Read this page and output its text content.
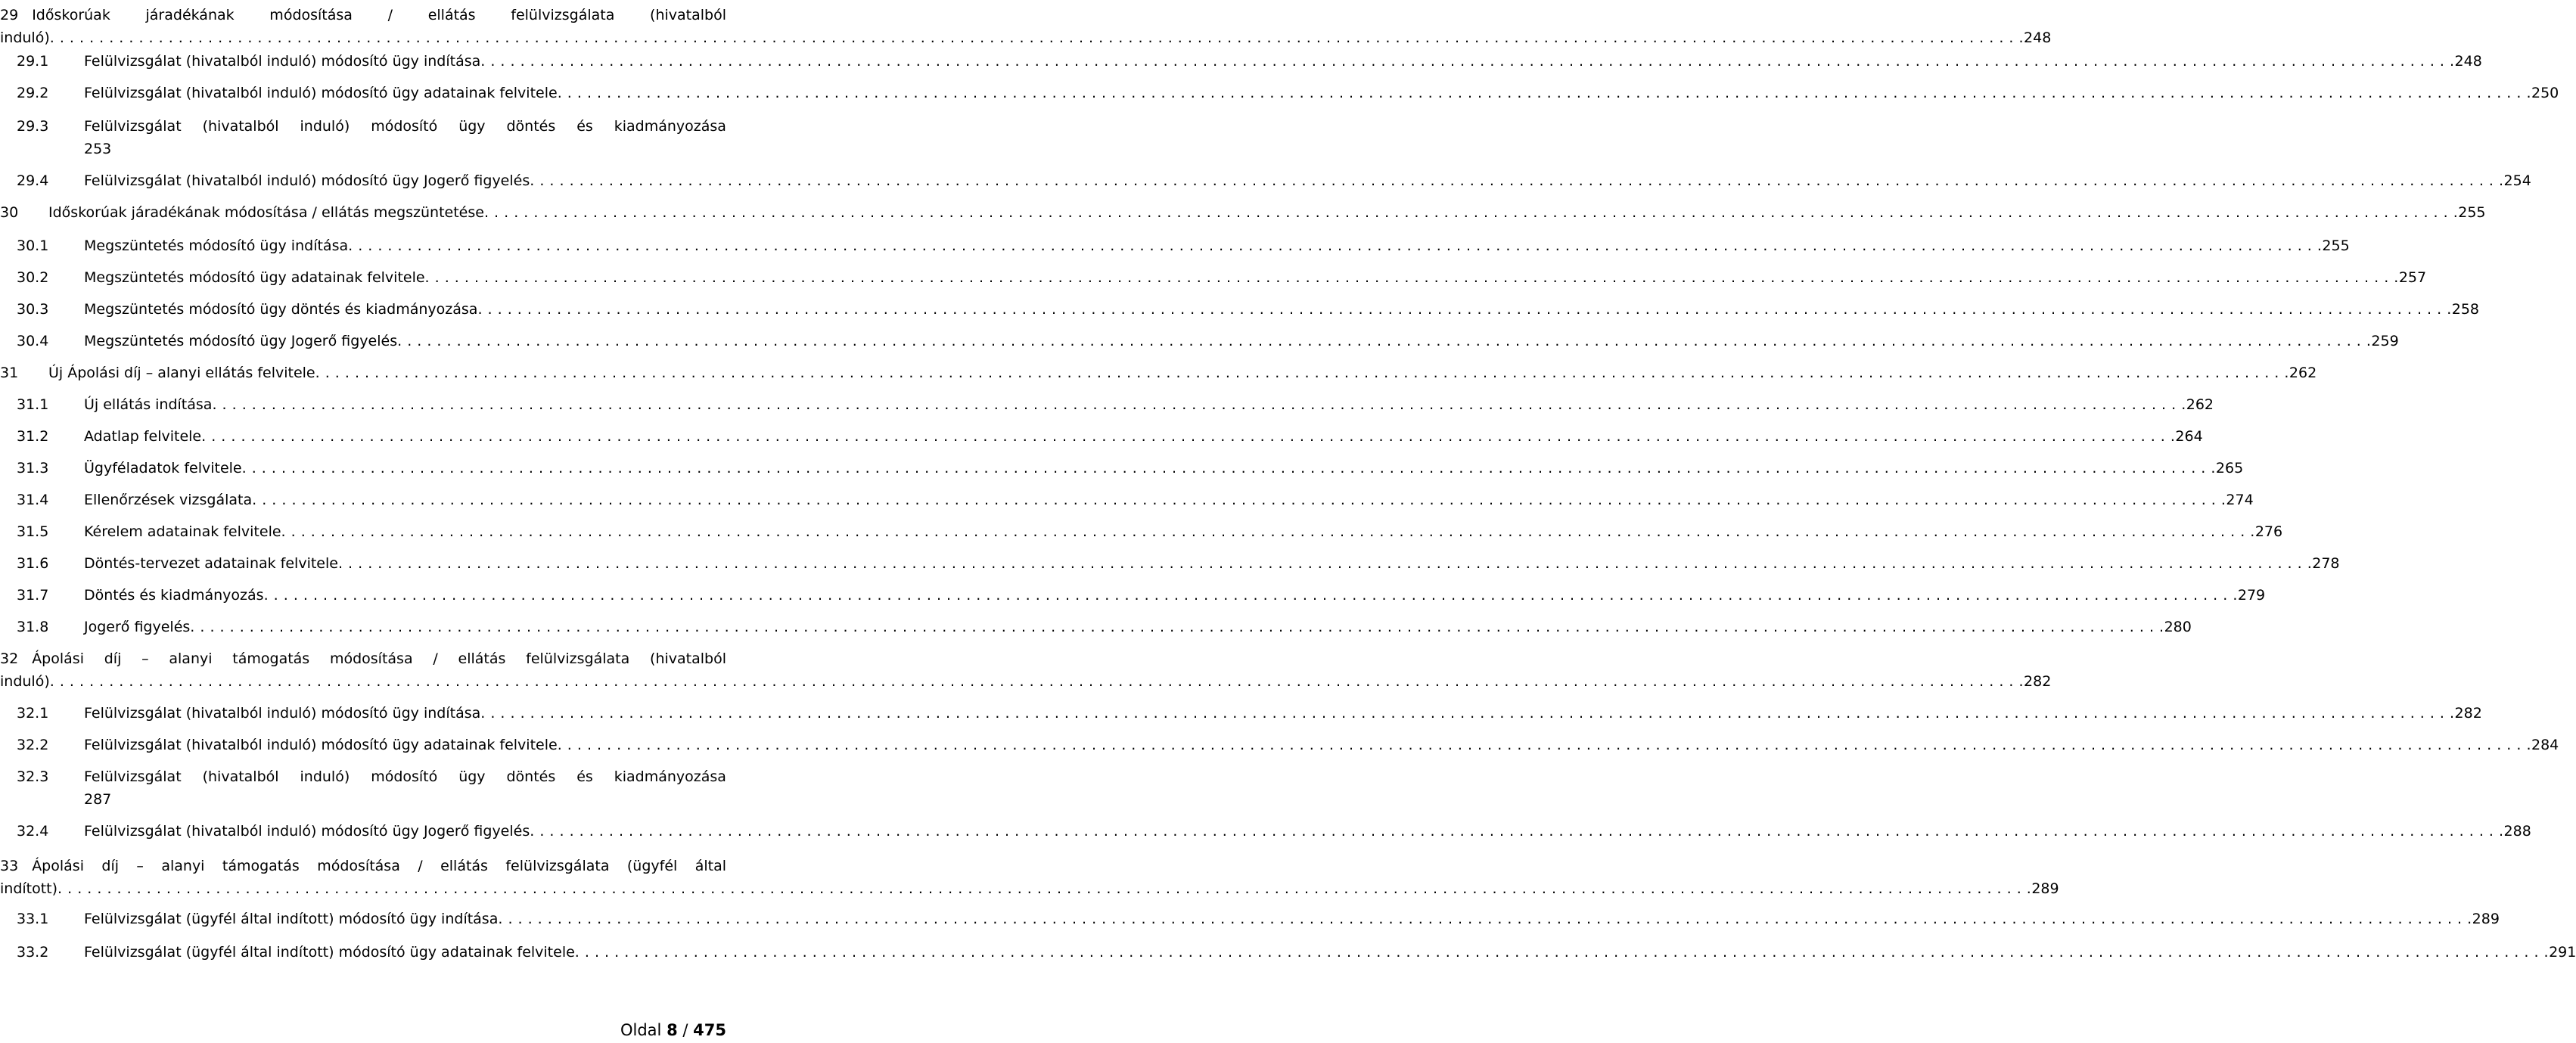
29 Időskorúak járadékának módosítása / ellátás felülvizsgálata (hivatalból
induló) . . . . . . . . . . . . . . . . . . . . . . . . . . . . . . . . . . . . . . . . . . . . . . . . . . . . . . . . . . . . . . . . . . . . . . . . . . . . . . . . . . . . . . . . . . . . . . . . . . . . . . . . . . . . . . . . . . . . . . . . . . . . . . . . . . . . . . . . . . . . . . . . . . . . . . . . . . . . . . . . . . . . . . . . . . . . . . . . . . . . . . . . . . . . . . . . . . . . . . . . 248
29.1 Felülvizsgálat (hivatalból induló) módosító ügy indítása . . . . . . . . . . . . . . . . . . . . . . . . . . . . . . . . . . . . . . . . . . . . . . . . . . . . . . . . . . . . . . . . . . . . . . . . . . . . . . . . . . . . . . . . . . . . . . . . . . . . . . . . . . . . . . . . . . . . . . . . . . . . . . . . . . . . . . . . . . . . . . . . . . . . . . . . . . . . . . . . . . . . . . . . . . . . . . . . . . . . . . . . . . . . . . . . . . . . . . . . 248
29.2 Felülvizsgálat (hivatalból induló) módosító ügy adatainak felvitele . . . . . . . . . . . . . . . . . . . . . . . . . . . . . . . . . . . . . . . . . . . . . . . . . . . . . . . . . . . . . . . . . . . . . . . . . . . . . . . . . . . . . . . . . . . . . . . . . . . . . . . . . . . . . . . . . . . . . . . . . . . . . . . . . . . . . . . . . . . . . . . . . . . . . . . . . . . . . . . . . . . . . . . . . . . . . . . . . . . . . . . . . . . . . . . . . . . . . . . . 250
29.3 Felülvizsgálat (hivatalból induló) módosító ügy döntés és kiadmányozása
253
29.4 Felülvizsgálat (hivatalból induló) módosító ügy Jogerő figyelés . . . . . . . . . . . . . . . . . . . . . . . . . . . . . . . . . . . . . . . . . . . . . . . . . . . . . . . . . . . . . . . . . . . . . . . . . . . . . . . . . . . . . . . . . . . . . . . . . . . . . . . . . . . . . . . . . . . . . . . . . . . . . . . . . . . . . . . . . . . . . . . . . . . . . . . . . . . . . . . . . . . . . . . . . . . . . . . . . . . . . . . . . . . . . . . . . . . . . . . . 254
30 Időskorúak járadékának módosítása / ellátás megszüntetése . . . . . . . . . . . . . . . . . . . . . . . . . . . . . . . . . . . . . . . . . . . . . . . . . . . . . . . . . . . . . . . . . . . . . . . . . . . . . . . . . . . . . . . . . . . . . . . . . . . . . . . . . . . . . . . . . . . . . . . . . . . . . . . . . . . . . . . . . . . . . . . . . . . . . . . . . . . . . . . . . . . . . . . . . . . . . . . . . . . . . . . . . . . . . . . . . . . . . . . . 255
30.1 Megszüntetés módosító ügy indítása . . . . . . . . . . . . . . . . . . . . . . . . . . . . . . . . . . . . . . . . . . . . . . . . . . . . . . . . . . . . . . . . . . . . . . . . . . . . . . . . . . . . . . . . . . . . . . . . . . . . . . . . . . . . . . . . . . . . . . . . . . . . . . . . . . . . . . . . . . . . . . . . . . . . . . . . . . . . . . . . . . . . . . . . . . . . . . . . . . . . . . . . . . . . . . . . . . . . . . . . 255
30.2 Megszüntetés módosító ügy adatainak felvitele . . . . . . . . . . . . . . . . . . . . . . . . . . . . . . . . . . . . . . . . . . . . . . . . . . . . . . . . . . . . . . . . . . . . . . . . . . . . . . . . . . . . . . . . . . . . . . . . . . . . . . . . . . . . . . . . . . . . . . . . . . . . . . . . . . . . . . . . . . . . . . . . . . . . . . . . . . . . . . . . . . . . . . . . . . . . . . . . . . . . . . . . . . . . . . . . . . . . . . . . 257
30.3 Megszüntetés módosító ügy döntés és kiadmányozása . . . . . . . . . . . . . . . . . . . . . . . . . . . . . . . . . . . . . . . . . . . . . . . . . . . . . . . . . . . . . . . . . . . . . . . . . . . . . . . . . . . . . . . . . . . . . . . . . . . . . . . . . . . . . . . . . . . . . . . . . . . . . . . . . . . . . . . . . . . . . . . . . . . . . . . . . . . . . . . . . . . . . . . . . . . . . . . . . . . . . . . . . . . . . . . . . . . . . . . . 258
30.4 Megszüntetés módosító ügy Jogerő figyelés . . . . . . . . . . . . . . . . . . . . . . . . . . . . . . . . . . . . . . . . . . . . . . . . . . . . . . . . . . . . . . . . . . . . . . . . . . . . . . . . . . . . . . . . . . . . . . . . . . . . . . . . . . . . . . . . . . . . . . . . . . . . . . . . . . . . . . . . . . . . . . . . . . . . . . . . . . . . . . . . . . . . . . . . . . . . . . . . . . . . . . . . . . . . . . . . . . . . . . . . 259
31 Új Ápolási díj – alanyi ellátás felvitele . . . . . . . . . . . . . . . . . . . . . . . . . . . . . . . . . . . . . . . . . . . . . . . . . . . . . . . . . . . . . . . . . . . . . . . . . . . . . . . . . . . . . . . . . . . . . . . . . . . . . . . . . . . . . . . . . . . . . . . . . . . . . . . . . . . . . . . . . . . . . . . . . . . . . . . . . . . . . . . . . . . . . . . . . . . . . . . . . . . . . . . . . . . . . . . . . . . . . . . . 262
31.1 Új ellátás indítása . . . . . . . . . . . . . . . . . . . . . . . . . . . . . . . . . . . . . . . . . . . . . . . . . . . . . . . . . . . . . . . . . . . . . . . . . . . . . . . . . . . . . . . . . . . . . . . . . . . . . . . . . . . . . . . . . . . . . . . . . . . . . . . . . . . . . . . . . . . . . . . . . . . . . . . . . . . . . . . . . . . . . . . . . . . . . . . . . . . . . . . . . . . . . . . . . . . . . . . . 262
31.2 Adatlap felvitele . . . . . . . . . . . . . . . . . . . . . . . . . . . . . . . . . . . . . . . . . . . . . . . . . . . . . . . . . . . . . . . . . . . . . . . . . . . . . . . . . . . . . . . . . . . . . . . . . . . . . . . . . . . . . . . . . . . . . . . . . . . . . . . . . . . . . . . . . . . . . . . . . . . . . . . . . . . . . . . . . . . . . . . . . . . . . . . . . . . . . . . . . . . . . . . . . . . . . . . . 264
31.3 Ügyféladatok felvitele . . . . . . . . . . . . . . . . . . . . . . . . . . . . . . . . . . . . . . . . . . . . . . . . . . . . . . . . . . . . . . . . . . . . . . . . . . . . . . . . . . . . . . . . . . . . . . . . . . . . . . . . . . . . . . . . . . . . . . . . . . . . . . . . . . . . . . . . . . . . . . . . . . . . . . . . . . . . . . . . . . . . . . . . . . . . . . . . . . . . . . . . . . . . . . . . . . . . . . . . 265
31.4 Ellenőrzések vizsgálata . . . . . . . . . . . . . . . . . . . . . . . . . . . . . . . . . . . . . . . . . . . . . . . . . . . . . . . . . . . . . . . . . . . . . . . . . . . . . . . . . . . . . . . . . . . . . . . . . . . . . . . . . . . . . . . . . . . . . . . . . . . . . . . . . . . . . . . . . . . . . . . . . . . . . . . . . . . . . . . . . . . . . . . . . . . . . . . . . . . . . . . . . . . . . . . . . . . . . . . . 274
31.5 Kérelem adatainak felvitele . . . . . . . . . . . . . . . . . . . . . . . . . . . . . . . . . . . . . . . . . . . . . . . . . . . . . . . . . . . . . . . . . . . . . . . . . . . . . . . . . . . . . . . . . . . . . . . . . . . . . . . . . . . . . . . . . . . . . . . . . . . . . . . . . . . . . . . . . . . . . . . . . . . . . . . . . . . . . . . . . . . . . . . . . . . . . . . . . . . . . . . . . . . . . . . . . . . . . . . . 276
31.6 Döntés-tervezet adatainak felvitele . . . . . . . . . . . . . . . . . . . . . . . . . . . . . . . . . . . . . . . . . . . . . . . . . . . . . . . . . . . . . . . . . . . . . . . . . . . . . . . . . . . . . . . . . . . . . . . . . . . . . . . . . . . . . . . . . . . . . . . . . . . . . . . . . . . . . . . . . . . . . . . . . . . . . . . . . . . . . . . . . . . . . . . . . . . . . . . . . . . . . . . . . . . . . . . . . . . . . . . . 278
31.7 Döntés és kiadmányozás . . . . . . . . . . . . . . . . . . . . . . . . . . . . . . . . . . . . . . . . . . . . . . . . . . . . . . . . . . . . . . . . . . . . . . . . . . . . . . . . . . . . . . . . . . . . . . . . . . . . . . . . . . . . . . . . . . . . . . . . . . . . . . . . . . . . . . . . . . . . . . . . . . . . . . . . . . . . . . . . . . . . . . . . . . . . . . . . . . . . . . . . . . . . . . . . . . . . . . . . 279
31.8 Jogerő figyelés . . . . . . . . . . . . . . . . . . . . . . . . . . . . . . . . . . . . . . . . . . . . . . . . . . . . . . . . . . . . . . . . . . . . . . . . . . . . . . . . . . . . . . . . . . . . . . . . . . . . . . . . . . . . . . . . . . . . . . . . . . . . . . . . . . . . . . . . . . . . . . . . . . . . . . . . . . . . . . . . . . . . . . . . . . . . . . . . . . . . . . . . . . . . . . . . . . . . . . . . 280
32 Ápolási díj – alanyi támogatás módosítása / ellátás felülvizsgálata (hivatalból
induló) . . . . . . . . . . . . . . . . . . . . . . . . . . . . . . . . . . . . . . . . . . . . . . . . . . . . . . . . . . . . . . . . . . . . . . . . . . . . . . . . . . . . . . . . . . . . . . . . . . . . . . . . . . . . . . . . . . . . . . . . . . . . . . . . . . . . . . . . . . . . . . . . . . . . . . . . . . . . . . . . . . . . . . . . . . . . . . . . . . . . . . . . . . . . . . . . . . . . . . . . 282
32.1 Felülvizsgálat (hivatalból induló) módosító ügy indítása . . . . . . . . . . . . . . . . . . . . . . . . . . . . . . . . . . . . . . . . . . . . . . . . . . . . . . . . . . . . . . . . . . . . . . . . . . . . . . . . . . . . . . . . . . . . . . . . . . . . . . . . . . . . . . . . . . . . . . . . . . . . . . . . . . . . . . . . . . . . . . . . . . . . . . . . . . . . . . . . . . . . . . . . . . . . . . . . . . . . . . . . . . . . . . . . . . . . . . . . 282
32.2 Felülvizsgálat (hivatalból induló) módosító ügy adatainak felvitele . . . . . . . . . . . . . . . . . . . . . . . . . . . . . . . . . . . . . . . . . . . . . . . . . . . . . . . . . . . . . . . . . . . . . . . . . . . . . . . . . . . . . . . . . . . . . . . . . . . . . . . . . . . . . . . . . . . . . . . . . . . . . . . . . . . . . . . . . . . . . . . . . . . . . . . . . . . . . . . . . . . . . . . . . . . . . . . . . . . . . . . . . . . . . . . . . . . . . . . . 284
32.3 Felülvizsgálat (hivatalból induló) módosító ügy döntés és kiadmányozása
287
32.4 Felülvizsgálat (hivatalból induló) módosító ügy Jogerő figyelés . . . . . . . . . . . . . . . . . . . . . . . . . . . . . . . . . . . . . . . . . . . . . . . . . . . . . . . . . . . . . . . . . . . . . . . . . . . . . . . . . . . . . . . . . . . . . . . . . . . . . . . . . . . . . . . . . . . . . . . . . . . . . . . . . . . . . . . . . . . . . . . . . . . . . . . . . . . . . . . . . . . . . . . . . . . . . . . . . . . . . . . . . . . . . . . . . . . . . . . . 288
33 Ápolási díj – alanyi támogatás módosítása / ellátás felülvizsgálata (ügyfél által
indított) . . . . . . . . . . . . . . . . . . . . . . . . . . . . . . . . . . . . . . . . . . . . . . . . . . . . . . . . . . . . . . . . . . . . . . . . . . . . . . . . . . . . . . . . . . . . . . . . . . . . . . . . . . . . . . . . . . . . . . . . . . . . . . . . . . . . . . . . . . . . . . . . . . . . . . . . . . . . . . . . . . . . . . . . . . . . . . . . . . . . . . . . . . . . . . . . . . . . . . . . 289
33.1 Felülvizsgálat (ügyfél által indított) módosító ügy indítása . . . . . . . . . . . . . . . . . . . . . . . . . . . . . . . . . . . . . . . . . . . . . . . . . . . . . . . . . . . . . . . . . . . . . . . . . . . . . . . . . . . . . . . . . . . . . . . . . . . . . . . . . . . . . . . . . . . . . . . . . . . . . . . . . . . . . . . . . . . . . . . . . . . . . . . . . . . . . . . . . . . . . . . . . . . . . . . . . . . . . . . . . . . . . . . . . . . . . . . . 289
33.2 Felülvizsgálat (ügyfél által indított) módosító ügy adatainak felvitele . . . . . . . . . . . . . . . . . . . . . . . . . . . . . . . . . . . . . . . . . . . . . . . . . . . . . . . . . . . . . . . . . . . . . . . . . . . . . . . . . . . . . . . . . . . . . . . . . . . . . . . . . . . . . . . . . . . . . . . . . . . . . . . . . . . . . . . . . . . . . . . . . . . . . . . . . . . . . . . . . . . . . . . . . . . . . . . . . . . . . . . . . . . . . . . . . . . . . . . . 291
Oldal 8 / 475
